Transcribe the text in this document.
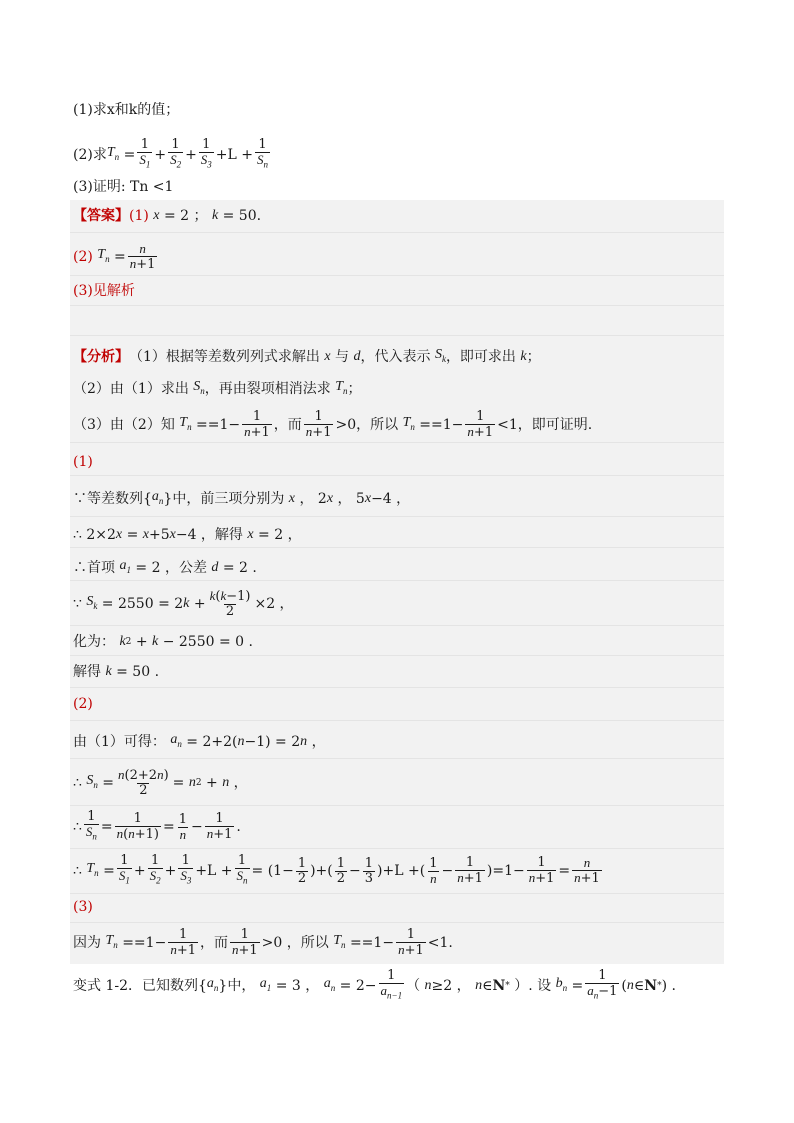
(1)求x和k的值；
(2)求 $T_n = \frac{1}{S_1} + \frac{1}{S_2} + \frac{1}{S_3} +L + \frac{1}{S_n}$
(3)证明: Tn <1
【答案】 (1) x = 2 ； k = 50.
(2) $T_n = \frac{n}{n+1}$
(3)见解析
【分析】 （1）根据等差数列列式求解出 x 与 d ，代入表示 $S_k$ ，即可求出 k ；
（2）由（1）求出 $S_n$ ，再由裂项相消法求 $T_n$ ；
（3）由（2）知 $T_n ==1- \frac{1}{n+1}$ ，而 $\frac{1}{n+1} >0$，所以 $T_n ==1- \frac{1}{n+1} <1$，即可证明.
(1)
∵等差数列{ $a_n$ }中，前三项分别为 x ， 2 x ， 5 x −4 ，
∴ 2×2 x = x +5 x −4 ，解得 x = 2 ，
∴首项 $a_1 = 2$ ，公差 d = 2 .
∵ $S_k = 2550 = 2$ $k + \frac{k(k-1)}{2} \times 2$ ，
化为： k 2 + k − 2550 = 0 .
解得 k = 50 .
(2)
由（1）可得： $a_n = 2+2$( n −1) = 2 n ，
∴ $S_n = \frac{n(2+2n)}{2} = n$ 2 + n ，
∴ $\frac{1}{S_n} = \frac{1}{n(n+1)} = \frac{1}{n} - \frac{1}{n+1}$ .
∴ $T_n = \frac{1}{S_1} + \frac{1}{S_2} + \frac{1}{S_3} +L + \frac{1}{S_n} = (1- \frac{1}{2}$ )+( $\frac{1}{2} - \frac{1}{3} )+L$ +( $\frac{1}{n} - \frac{1}{n+1} )=1- \frac{1}{n+1} = \frac{n}{n+1}$
(3)
因为 $T_n ==1- \frac{1}{n+1}$ ，而 $\frac{1}{n+1} >0$ ，所以 $T_n ==1- \frac{1}{n+1} <1$.
变式 1-2．已知数列{ $a_n$ }中， $a_1 = 3$ ， $a_n = 2- \frac{1}{a_{n-1}}$ （ n ≥2 ， n ∈ N * ）. 设 $b_n = \frac{1}{a_n-1}$ ( n ∈ N * ) .
